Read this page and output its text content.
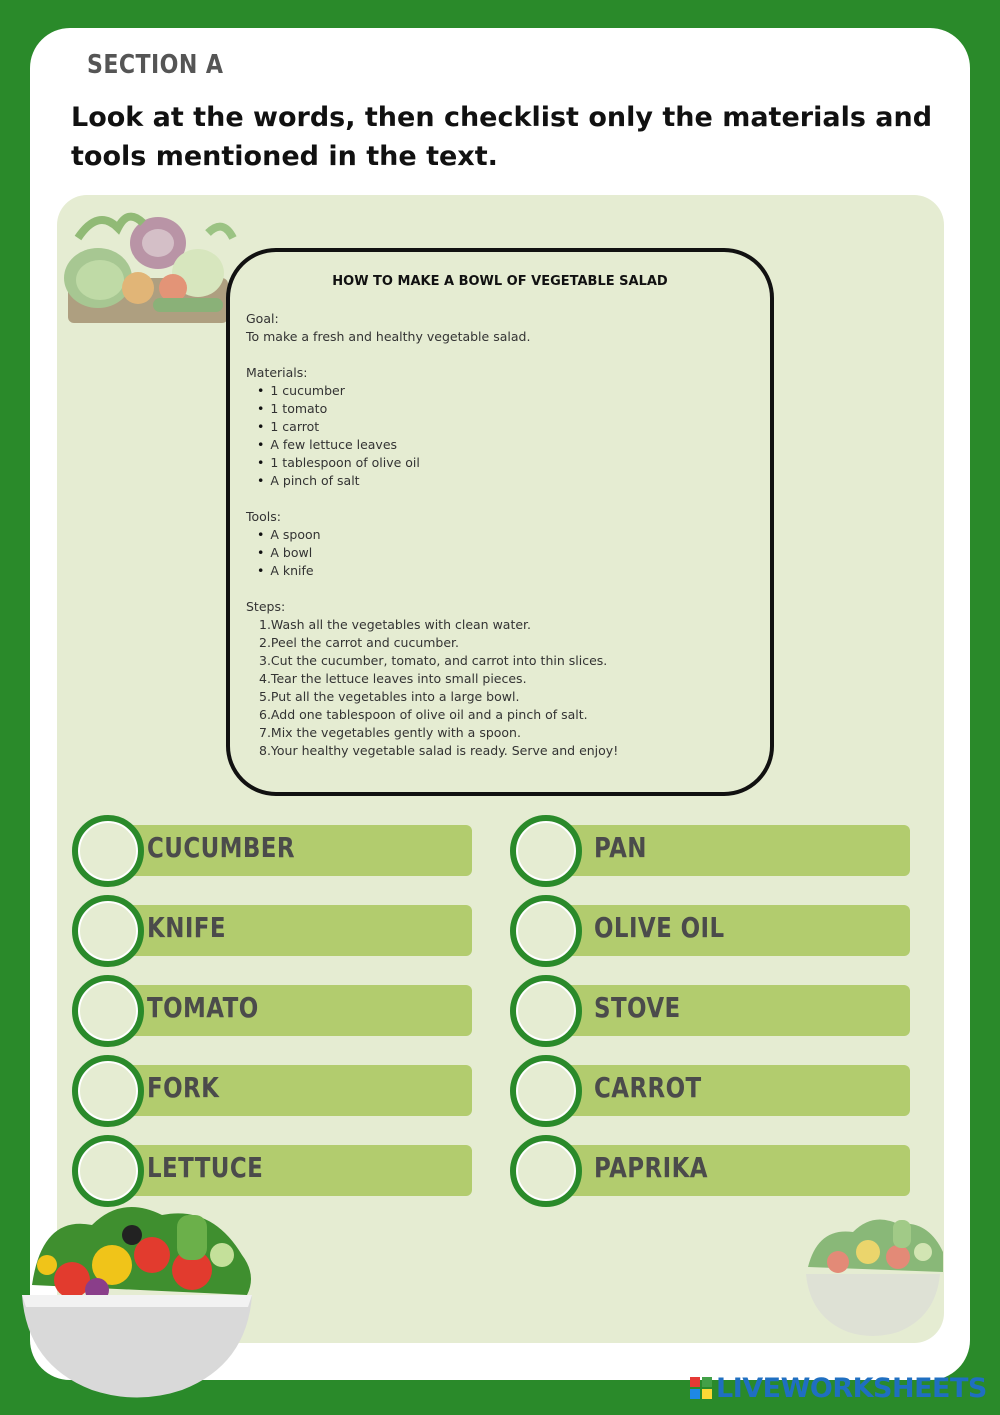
SECTION A
Look at the words, then checklist only the materials and tools mentioned in the text.
HOW TO MAKE A BOWL OF VEGETABLE SALAD
Goal:
To make a fresh and healthy vegetable salad.
Materials:
• 1 cucumber
• 1 tomato
• 1 carrot
• A few lettuce leaves
• 1 tablespoon of olive oil
• A pinch of salt
Tools:
• A spoon
• A bowl
• A knife
Steps:
1.Wash all the vegetables with clean water.
2.Peel the carrot and cucumber.
3.Cut the cucumber, tomato, and carrot into thin slices.
4.Tear the lettuce leaves into small pieces.
5.Put all the vegetables into a large bowl.
6.Add one tablespoon of olive oil and a pinch of salt.
7.Mix the vegetables gently with a spoon.
8.Your healthy vegetable salad is ready. Serve and enjoy!
CUCUMBER
KNIFE
TOMATO
FORK
LETTUCE
PAN
OLIVE OIL
STOVE
CARROT
PAPRIKA
LIVEWORKSHEETS
